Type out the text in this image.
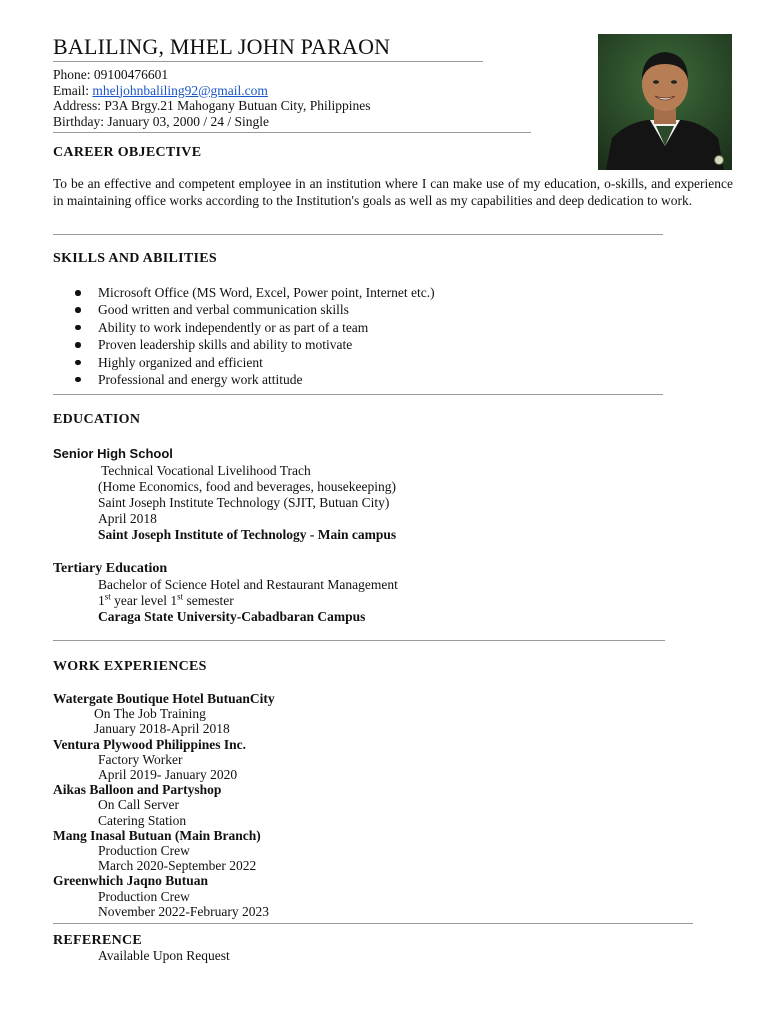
BALILING, MHEL JOHN PARAON
Phone: 09100476601
Email: mheljohnbaliling92@gmail.com
Address: P3A Brgy.21 Mahogany Butuan City, Philippines
Birthday: January 03, 2000 / 24 / Single
CAREER OBJECTIVE
To be an effective and competent employee in an institution where I can make use of my education, o-skills, and experience in maintaining office works according to the Institution's goals as well as my capabilities and deep dedication to work.
SKILLS AND ABILITIES
Microsoft Office (MS Word, Excel, Power point, Internet etc.)
Good written and verbal communication skills
Ability to work independently or as part of a team
Proven leadership skills and ability to motivate
Highly organized and efficient
Professional and energy work attitude
EDUCATION
Senior High School
Technical Vocational Livelihood Trach
(Home Economics, food and beverages, housekeeping)
Saint Joseph Institute Technology (SJIT, Butuan City)
April 2018
Saint Joseph Institute of Technology - Main campus
Tertiary Education
Bachelor of Science Hotel and Restaurant Management
1st year level 1st semester
Caraga State University-Cabadbaran Campus
WORK EXPERIENCES
Watergate Boutique Hotel ButuanCity
On The Job Training
January 2018-April 2018
Ventura Plywood Philippines Inc.
Factory Worker
April 2019- January 2020
Aikas Balloon and Partyshop
On Call Server
Catering Station
Mang Inasal Butuan (Main Branch)
Production Crew
March 2020-September 2022
Greenwhich Jaqno Butuan
Production Crew
November 2022-February 2023
REFERENCE
Available Upon Request
